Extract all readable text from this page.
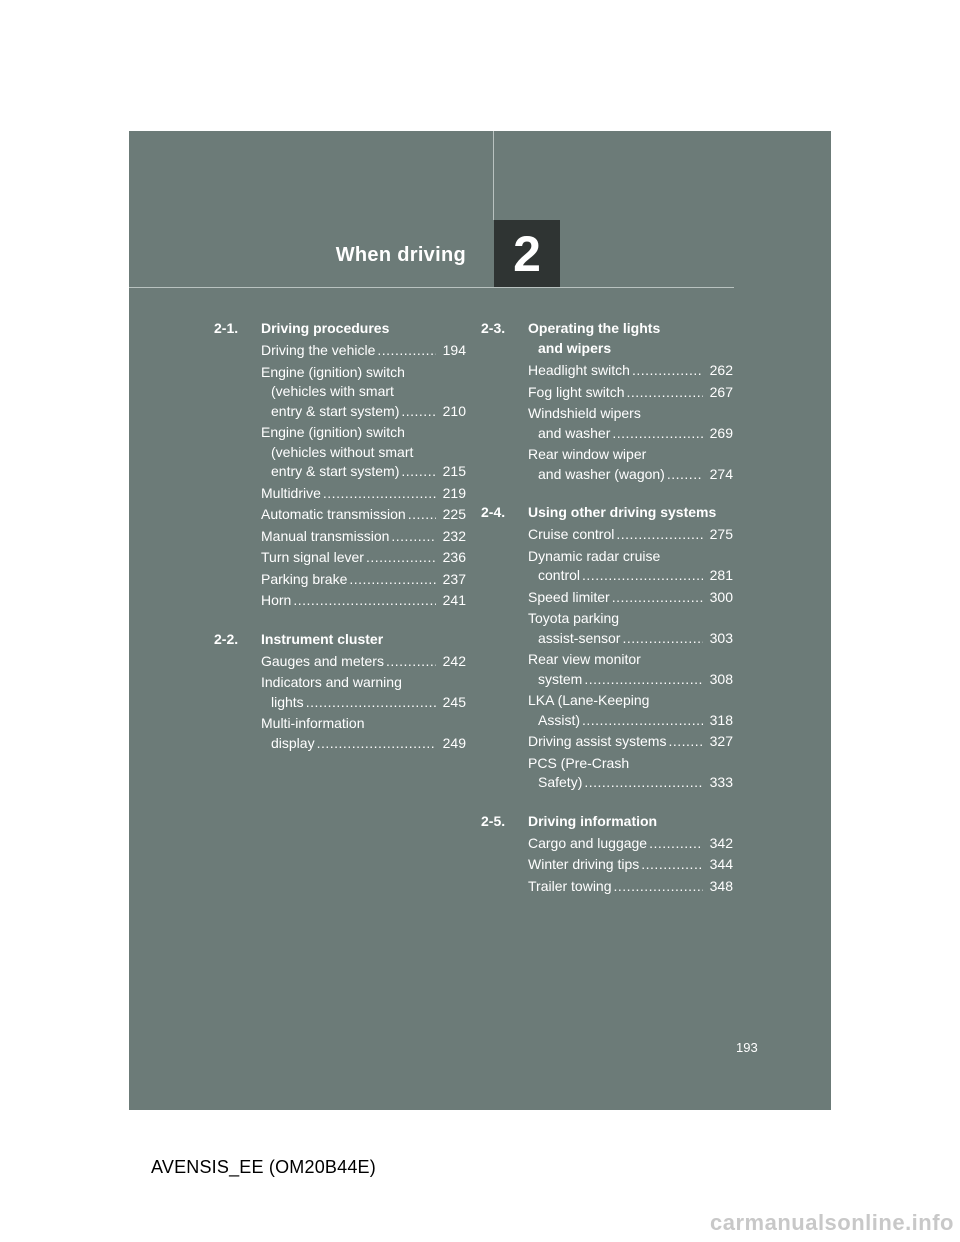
When driving 2
2-1.	Driving procedures
Driving the vehicle .....	194
Engine (ignition) switch
(vehicles with smart
entry & start system) .....	210
Engine (ignition) switch
(vehicles without smart
entry & start system) .....	215
Multidrive .....	219
Automatic transmission .....	225
Manual transmission .....	232
Turn signal lever .....	236
Parking brake .....	237
Horn .....	241
2-2.	Instrument cluster
Gauges and meters .....	242
Indicators and warning
lights .....	245
Multi-information
display .....	249
2-3.	Operating the lights
and wipers
Headlight switch .....	262
Fog light switch .....	267
Windshield wipers
and washer .....	269
Rear window wiper
and washer (wagon) .....	274
2-4.	Using other driving systems
Cruise control .....	275
Dynamic radar cruise
control .....	281
Speed limiter .....	300
Toyota parking
assist-sensor .....	303
Rear view monitor
system .....	308
LKA (Lane-Keeping
Assist) .....	318
Driving assist systems .....	327
PCS (Pre-Crash
Safety) .....	333
2-5.	Driving information
Cargo and luggage .....	342
Winter driving tips .....	344
Trailer towing .....	348
193
AVENSIS_EE (OM20B44E)
carmanualsonline.info
